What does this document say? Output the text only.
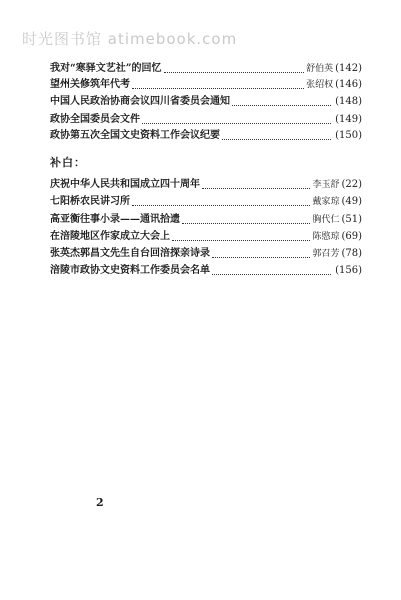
时光图书馆 atimebook.com
我对“寒驿文艺社”的回忆	舒伯英 (142)
望州关修筑年代考	张绍权 (146)
中国人民政治协商会议四川省委员会通知	(148)
政协全国委员会文件	(149)
政协第五次全国文史资料工作会议纪要	(150)
补白：
庆祝中华人民共和国成立四十周年	李玉舒 (22)
七阳桥农民讲习所	戴家琼 (49)
高亚衡往事小录——通讯拾遗	胸代仁 (51)
在涪陵地区作家成立大会上	陈愍琼 (69)
张英杰郭昌文先生自台回涪探亲诗录	郭召芳 (78)
涪陵市政协文史资料工作委员会名单	(156)
2
